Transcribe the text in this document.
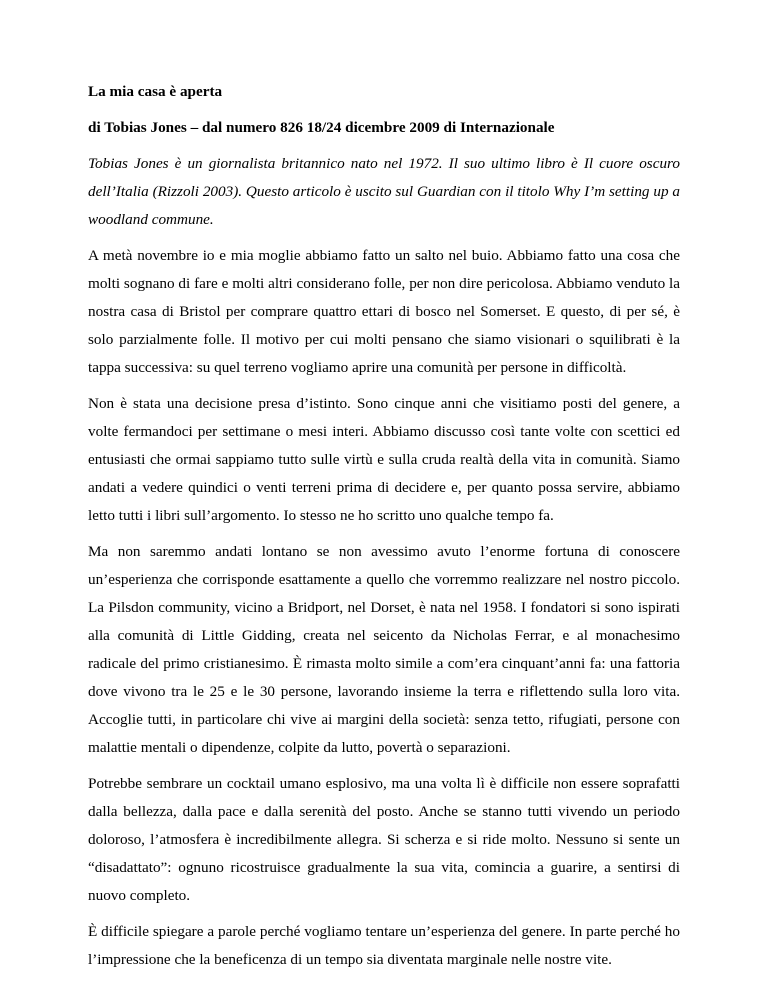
La mia casa è aperta

di Tobias Jones – dal numero 826 18/24 dicembre 2009 di Internazionale

Tobias Jones è un giornalista britannico nato nel 1972. Il suo ultimo libro è Il cuore oscuro dell’Italia (Rizzoli 2003). Questo articolo è uscito sul Guardian con il titolo Why I’m setting up a woodland commune.

A metà novembre io e mia moglie abbiamo fatto un salto nel buio. Abbiamo fatto una cosa che molti sognano di fare e molti altri considerano folle, per non dire pericolosa. Abbiamo venduto la nostra casa di Bristol per comprare quattro ettari di bosco nel Somerset. E questo, di per sé, è solo parzialmente folle. Il motivo per cui molti pensano che siamo visionari o squilibrati è la tappa successiva: su quel terreno vogliamo aprire una comunità per persone in difficoltà.

Non è stata una decisione presa d’istinto. Sono cinque anni che visitiamo posti del genere, a volte fermandoci per settimane o mesi interi. Abbiamo discusso così tante volte con scettici ed entusiasti che ormai sappiamo tutto sulle virtù e sulla cruda realtà della vita in comunità. Siamo andati a vedere quindici o venti terreni prima di decidere e, per quanto possa servire, abbiamo letto tutti i libri sull’argomento. Io stesso ne ho scritto uno qualche tempo fa.

Ma non saremmo andati lontano se non avessimo avuto l’enorme fortuna di conoscere un’esperienza che corrisponde esattamente a quello che vorremmo realizzare nel nostro piccolo. La Pilsdon community, vicino a Bridport, nel Dorset, è nata nel 1958. I fondatori si sono ispirati alla comunità di Little Gidding, creata nel seicento da Nicholas Ferrar, e al monachesimo radicale del primo cristianesimo. È rimasta molto simile a com’era cinquant’anni fa: una fattoria dove vivono tra le 25 e le 30 persone, lavorando insieme la terra e riflettendo sulla loro vita. Accoglie tutti, in particolare chi vive ai margini della società: senza tetto, rifugiati, persone con malattie mentali o dipendenze, colpite da lutto, povertà o separazioni.

Potrebbe sembrare un cocktail umano esplosivo, ma una volta lì è difficile non essere soprafatti dalla bellezza, dalla pace e dalla serenità del posto. Anche se stanno tutti vivendo un periodo doloroso, l’atmosfera è incredibilmente allegra. Si scherza e si ride molto. Nessuno si sente un “disadattato”: ognuno ricostruisce gradualmente la sua vita, comincia a guarire, a sentirsi di nuovo completo.

È difficile spiegare a parole perché vogliamo tentare un’esperienza del genere. In parte perché ho l’impressione che la beneficenza di un tempo sia diventata marginale nelle nostre vite.
